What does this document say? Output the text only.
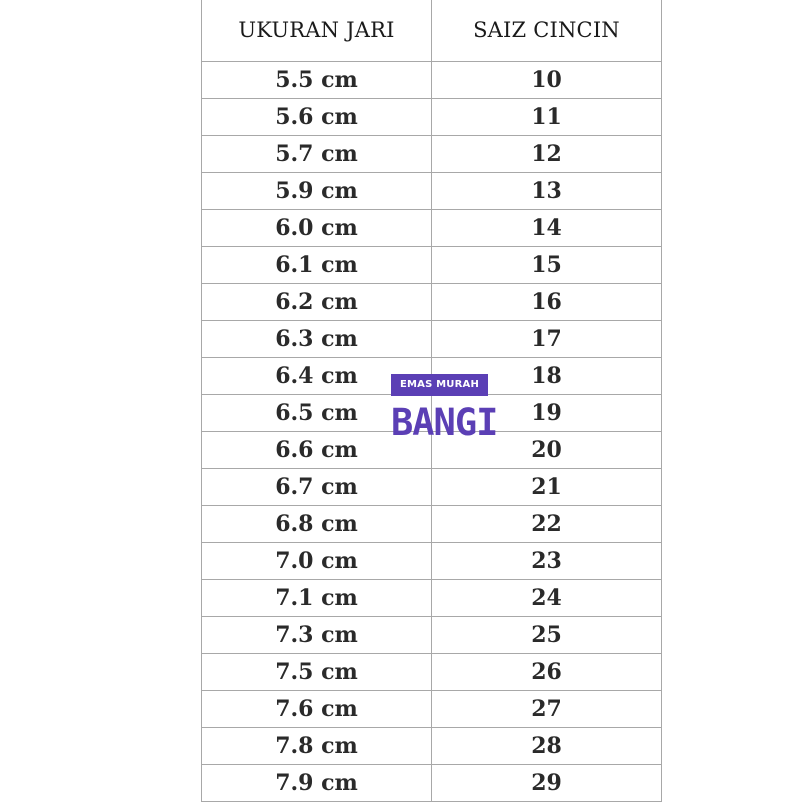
UKURAN JARI	SAIZ CINCIN
5.5 cm	10
5.6 cm	11
5.7 cm	12
5.9 cm	13
6.0 cm	14
6.1 cm	15
6.2 cm	16
6.3 cm	17
6.4 cm	18
6.5 cm	19
6.6 cm	20
6.7 cm	21
6.8 cm	22
7.0 cm	23
7.1 cm	24
7.3 cm	25
7.5 cm	26
7.6 cm	27
7.8 cm	28
7.9 cm	29
EMAS MURAH
BANGI
